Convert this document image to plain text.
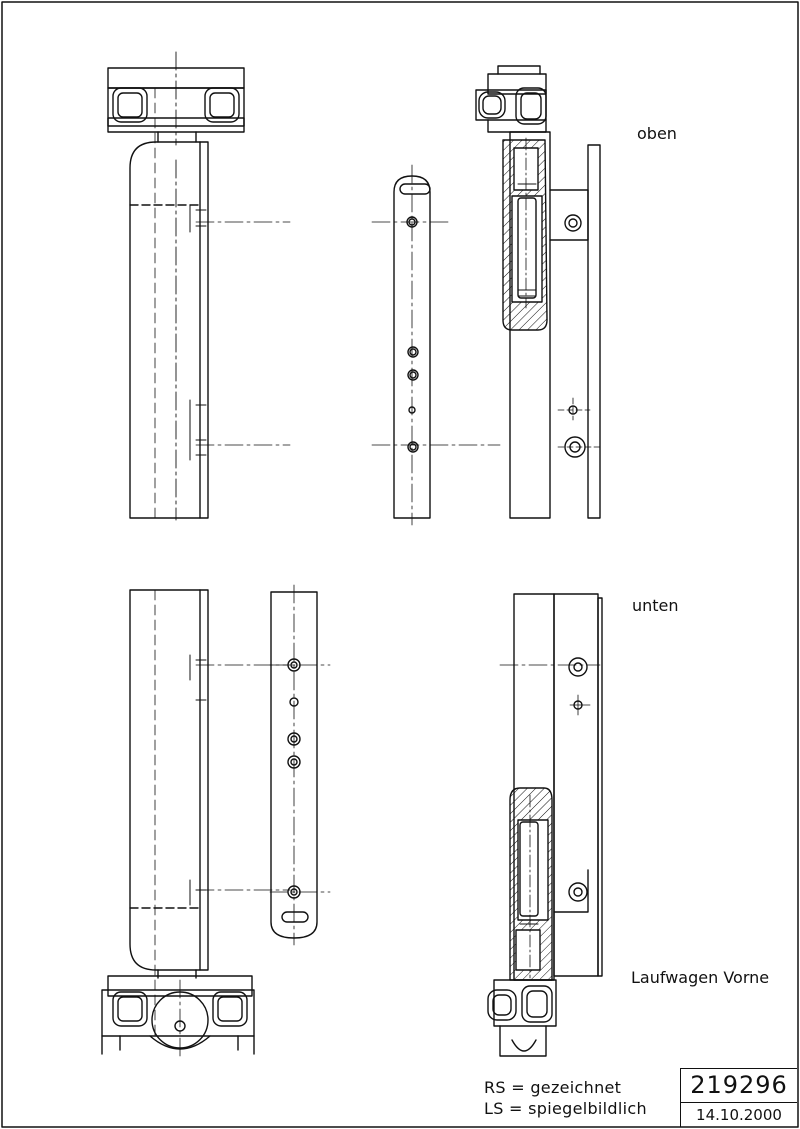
oben
unten
Laufwagen Vorne
RS = gezeichnet
LS = spiegelbildlich
219296
14.10.2000
